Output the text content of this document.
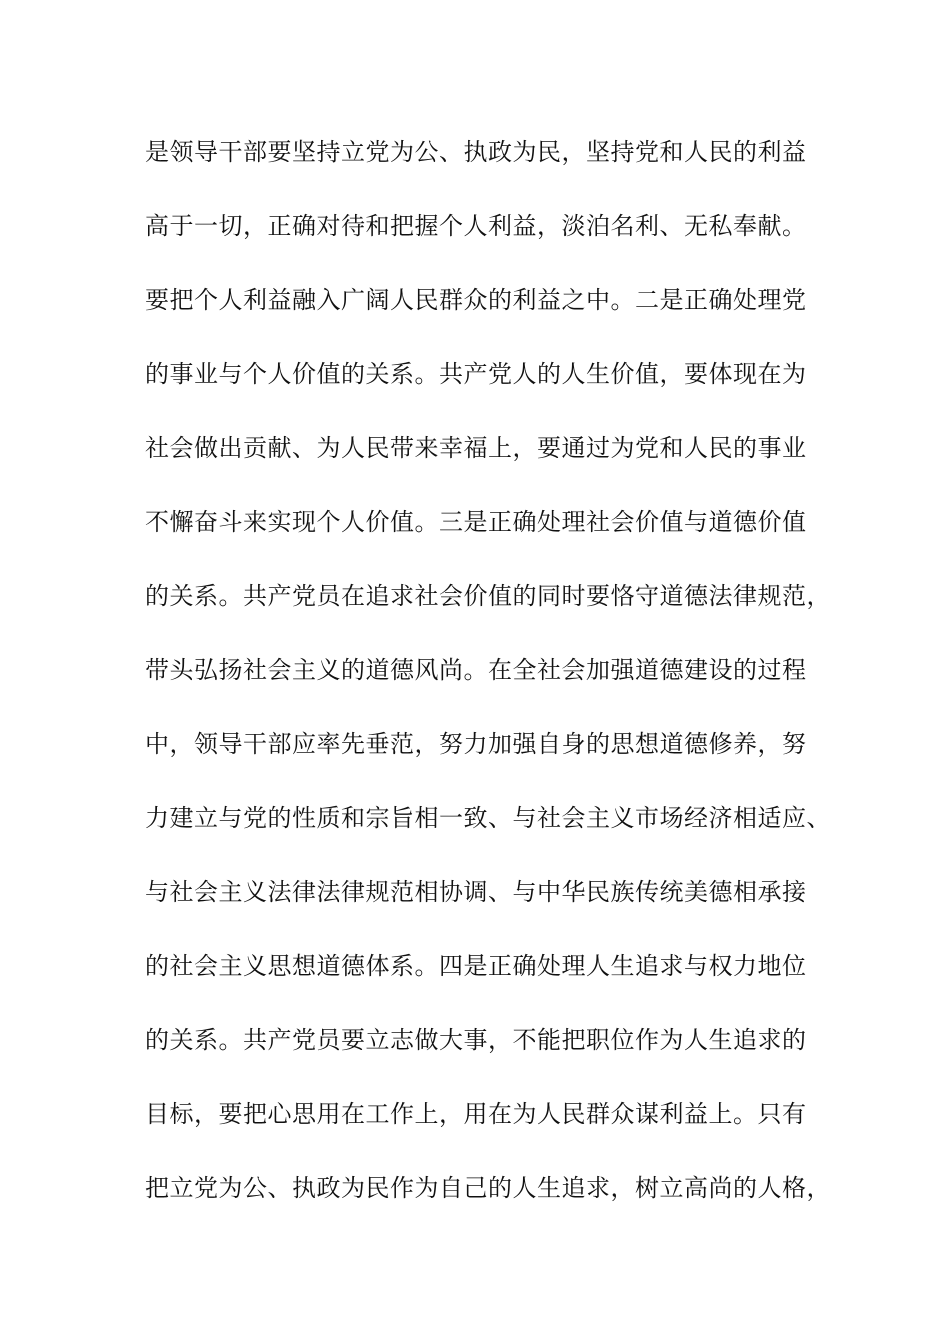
是领导干部要坚持立党为公、执政为民，坚持党和人民的利益
高于一切，正确对待和把握个人利益，淡泊名利、无私奉献。
要把个人利益融入广阔人民群众的利益之中。二是正确处理党
的事业与个人价值的关系。共产党人的人生价值，要体现在为
社会做出贡献、为人民带来幸福上，要通过为党和人民的事业
不懈奋斗来实现个人价值。三是正确处理社会价值与道德价值
的关系。共产党员在追求社会价值的同时要恪守道德法律规范，
带头弘扬社会主义的道德风尚。在全社会加强道德建设的过程
中，领导干部应率先垂范，努力加强自身的思想道德修养，努
力建立与党的性质和宗旨相一致、与社会主义市场经济相适应、
与社会主义法律法律规范相协调、与中华民族传统美德相承接
的社会主义思想道德体系。四是正确处理人生追求与权力地位
的关系。共产党员要立志做大事，不能把职位作为人生追求的
目标，要把心思用在工作上，用在为人民群众谋利益上。只有
把立党为公、执政为民作为自己的人生追求，树立高尚的人格，
